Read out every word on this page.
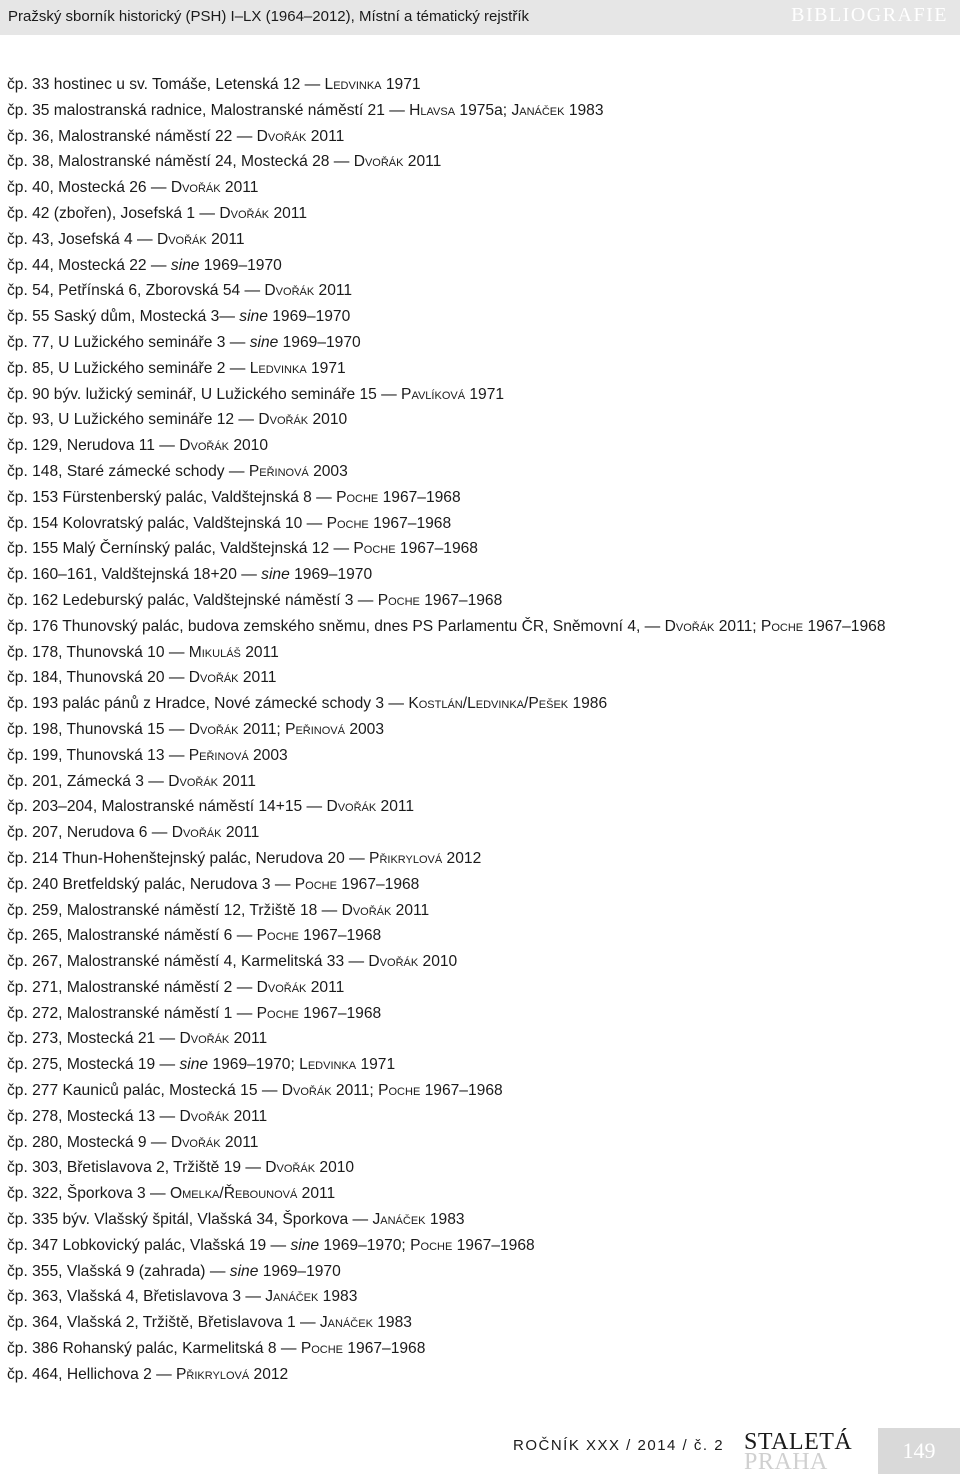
Pražský sborník historický (PSH) I–LX (1964–2012), Místní a tématický rejstřík	BIBLIOGRAFIE
čp. 33 hostinec u sv. Tomáše, Letenská 12 — Ledvinka 1971
čp. 35 malostranská radnice, Malostranské náměstí 21 — Hlavsa 1975a; Janáček 1983
čp. 36, Malostranské náměstí 22 — Dvořák 2011
čp. 38, Malostranské náměstí 24, Mostecká 28 — Dvořák 2011
čp. 40, Mostecká 26 — Dvořák 2011
čp. 42 (zbořen), Josefská 1 — Dvořák 2011
čp. 43, Josefská 4 — Dvořák 2011
čp. 44, Mostecká 22 — sine 1969–1970
čp. 54, Petřínská 6, Zborovská 54 — Dvořák 2011
čp. 55 Saský dům, Mostecká 3— sine 1969–1970
čp. 77, U Lužického semináře 3 — sine 1969–1970
čp. 85, U Lužického semináře 2 — Ledvinka 1971
čp. 90 býv. lužický seminář, U Lužického semináře 15 — Pavlíková 1971
čp. 93, U Lužického semináře 12 — Dvořák 2010
čp. 129, Nerudova 11 — Dvořák 2010
čp. 148, Staré zámecké schody — Peřinová 2003
čp. 153 Fürstenberský palác, Valdštejnská 8 — Poche 1967–1968
čp. 154 Kolovratský palác, Valdštejnská 10 — Poche 1967–1968
čp. 155 Malý Černínský palác, Valdštejnská 12 — Poche 1967–1968
čp. 160–161, Valdštejnská 18+20 — sine 1969–1970
čp. 162 Ledeburský palác, Valdštejnské náměstí 3 — Poche 1967–1968
čp. 176 Thunovský palác, budova zemského sněmu, dnes PS Parlamentu ČR, Sněmovní 4, — Dvořák 2011; Poche 1967–1968
čp. 178, Thunovská 10 — Mikuláš 2011
čp. 184, Thunovská 20 — Dvořák 2011
čp. 193 palác pánů z Hradce, Nové zámecké schody 3 — Kostlán/Ledvinka/Pešek 1986
čp. 198, Thunovská 15 — Dvořák 2011; Peřinová 2003
čp. 199, Thunovská 13 — Peřinová 2003
čp. 201, Zámecká 3 — Dvořák 2011
čp. 203–204, Malostranské náměstí 14+15 — Dvořák 2011
čp. 207, Nerudova 6 — Dvořák 2011
čp. 214 Thun-Hohenštejnský palác, Nerudova 20 — Přikrylová 2012
čp. 240 Bretfeldský palác, Nerudova 3 — Poche 1967–1968
čp. 259, Malostranské náměstí 12, Tržiště 18 — Dvořák 2011
čp. 265, Malostranské náměstí 6 — Poche 1967–1968
čp. 267, Malostranské náměstí 4, Karmelitská 33 — Dvořák 2010
čp. 271, Malostranské náměstí 2 — Dvořák 2011
čp. 272, Malostranské náměstí 1 — Poche 1967–1968
čp. 273, Mostecká 21 — Dvořák 2011
čp. 275, Mostecká 19 — sine 1969–1970; Ledvinka 1971
čp. 277 Kauniců palác, Mostecká 15 — Dvořák 2011; Poche 1967–1968
čp. 278, Mostecká 13 — Dvořák 2011
čp. 280, Mostecká 9 — Dvořák 2011
čp. 303, Břetislavova 2, Tržiště 19 — Dvořák 2010
čp. 322, Šporkova 3 — Omelka/Řebounová 2011
čp. 335 býv. Vlašský špitál, Vlašská 34, Šporkova — Janáček 1983
čp. 347 Lobkovický palác, Vlašská 19 — sine 1969–1970; Poche 1967–1968
čp. 355, Vlašská 9 (zahrada) — sine 1969–1970
čp. 363, Vlašská 4, Břetislavova 3 — Janáček 1983
čp. 364, Vlašská 2, Tržiště, Břetislavova 1 — Janáček 1983
čp. 386 Rohanský palác, Karmelitská 8 — Poche 1967–1968
čp. 464, Hellichova 2 — Přikrylová 2012
ROČNÍK XXX / 2014 / č. 2 STALETÁ
PRAHA	149
